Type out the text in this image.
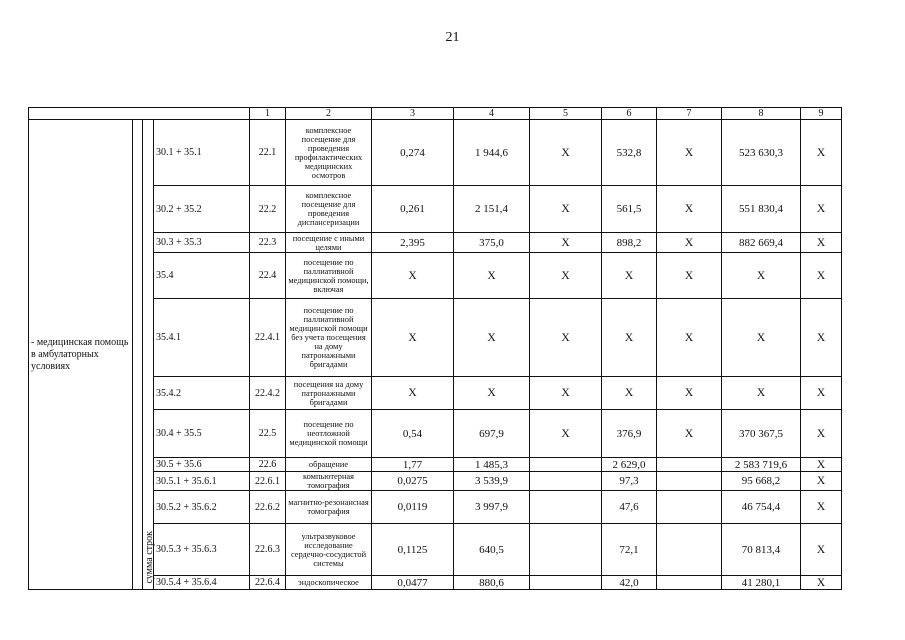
21
				1	2	3	4	5	6	7	8	9
- медицинская помощь в амбулаторных условиях		сумма строк	30.1 + 35.1	22.1	комплексное посещение для проведения профилактических медицинских осмотров	0,274	1 944,6	X	532,8	X	523 630,3	X
			30.2 + 35.2	22.2	комплексное посещение для проведения диспансеризации	0,261	2 151,4	X	561,5	X	551 830,4	X
			30.3 + 35.3	22.3	посещение с иными целями	2,395	375,0	X	898,2	X	882 669,4	X
			35.4	22.4	посещение по паллиативной медицинской помощи, включая	X	X	X	X	X	X	X
			35.4.1	22.4.1	посещение по паллиативной медицинской помощи без учета посещения на дому патронажными бригадами	X	X	X	X	X	X	X
			35.4.2	22.4.2	посещения на дому патронажными бригадами	X	X	X	X	X	X	X
			30.4 + 35.5	22.5	посещение по неотложной медицинской помощи	0,54	697,9	X	376,9	X	370 367,5	X
			30.5 + 35.6	22.6	обращение	1,77	1 485,3		2 629,0		2 583 719,6	X
			30.5.1 + 35.6.1	22.6.1	компьютерная томография	0,0275	3 539,9		97,3		95 668,2	X
			30.5.2 + 35.6.2	22.6.2	магнитно-резонансная томография	0,0119	3 997,9		47,6		46 754,4	X
			30.5.3 + 35.6.3	22.6.3	ультразвуковое исследование сердечно-сосудистой системы	0,1125	640,5		72,1		70 813,4	X
			30.5.4 + 35.6.4	22.6.4	эндоскопическое	0,0477	880,6		42,0		41 280,1	X
